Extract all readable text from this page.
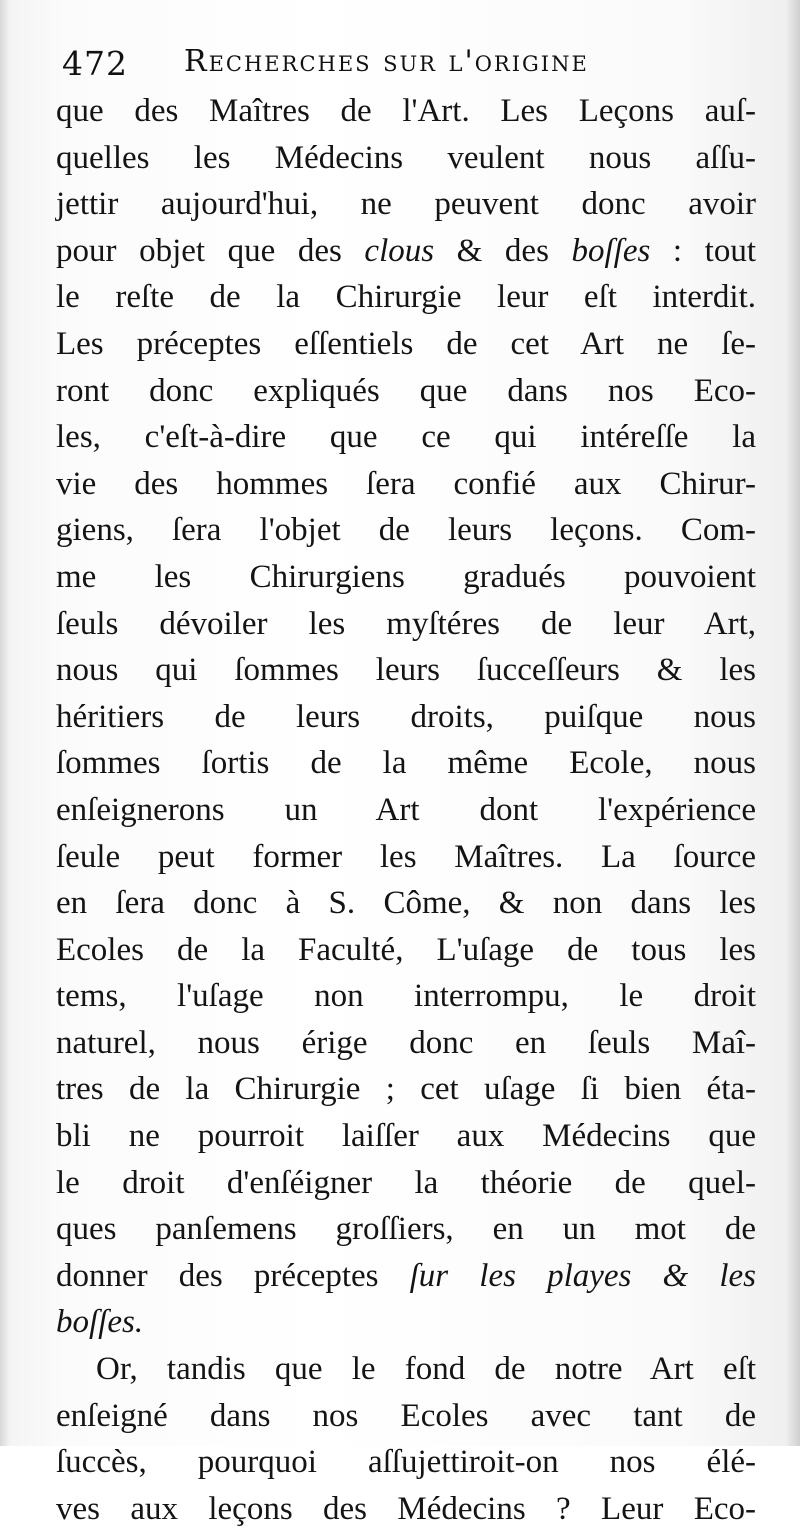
472 Recherches sur l'origine
que des Maîtres de l'Art. Les Leçons auſ-
quelles les Médecins veulent nous aſſu-
jettir aujourd'hui, ne peuvent donc avoir
pour objet que des clous & des boſſes : tout
le reſte de la Chirurgie leur eſt interdit.
Les préceptes eſſentiels de cet Art ne ſe-
ront donc expliqués que dans nos Eco-
les, c'eſt-à-dire que ce qui intéreſſe la
vie des hommes ſera confié aux Chirur-
giens, ſera l'objet de leurs leçons. Com-
me les Chirurgiens gradués pouvoient
ſeuls dévoiler les myſtéres de leur Art,
nous qui ſommes leurs ſucceſſeurs & les
héritiers de leurs droits, puiſque nous
ſommes ſortis de la même Ecole, nous
enſeignerons un Art dont l'expérience
ſeule peut former les Maîtres. La ſource
en ſera donc à S. Côme, & non dans les
Ecoles de la Faculté, L'uſage de tous les
tems, l'uſage non interrompu, le droit
naturel, nous érige donc en ſeuls Maî-
tres de la Chirurgie ; cet uſage ſi bien éta-
bli ne pourroit laiſſer aux Médecins que
le droit d'enſéigner la théorie de quel-
ques panſemens groſſiers, en un mot de
donner des préceptes ſur les playes & les
boſſes.
Or, tandis que le fond de notre Art eſt
enſeigné dans nos Ecoles avec tant de
ſuccès, pourquoi aſſujettiroit-on nos élé-
ves aux leçons des Médecins ? Leur Eco-
